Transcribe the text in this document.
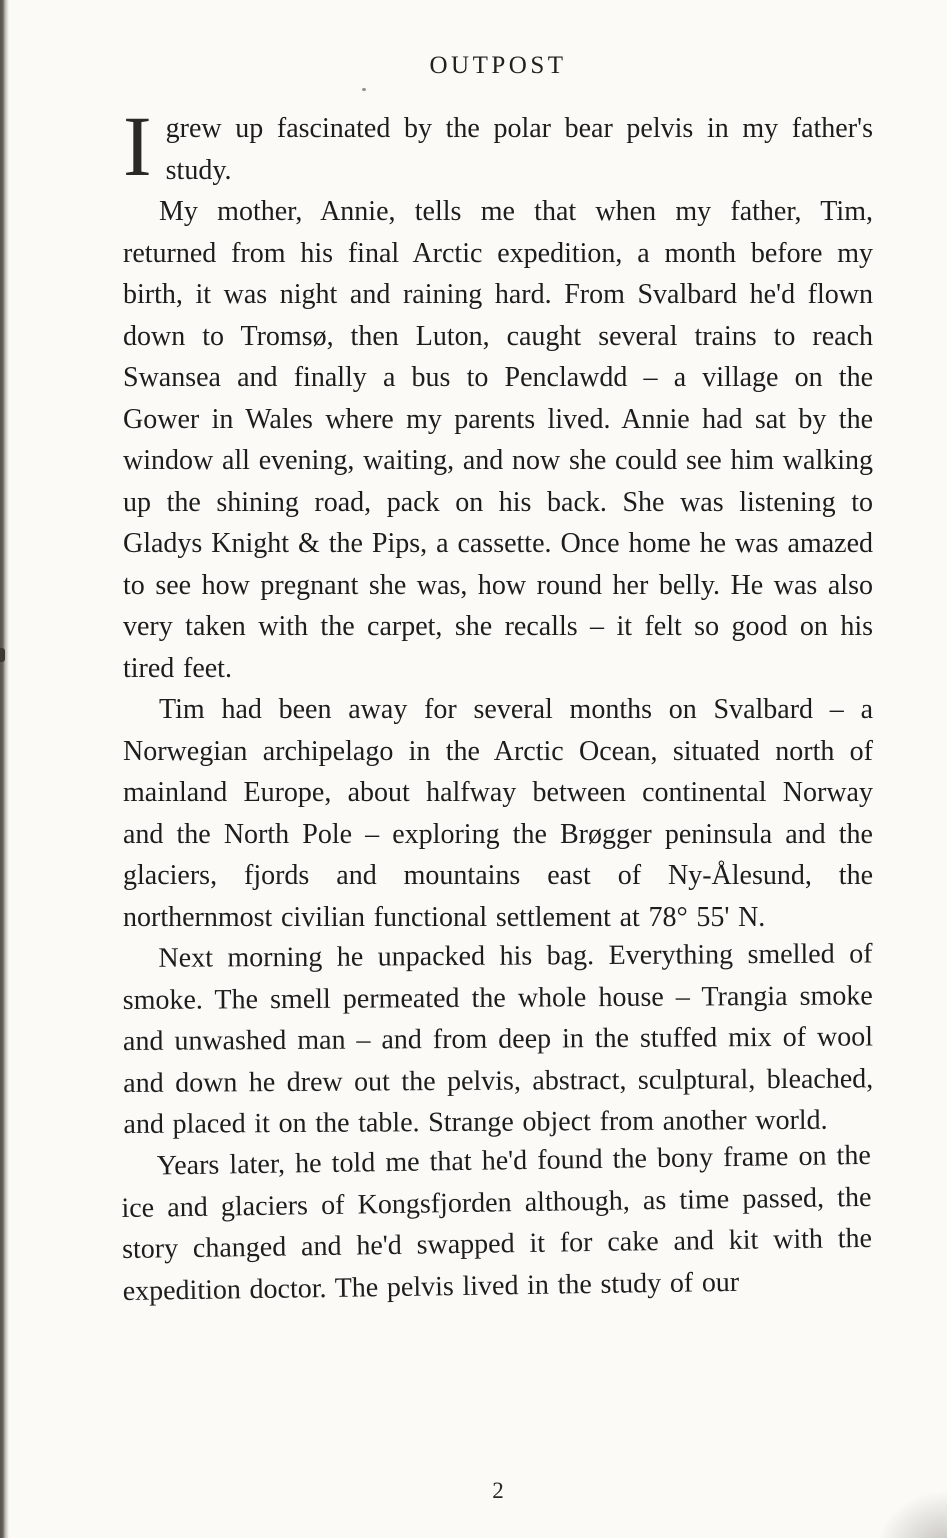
OUTPOST

Igrew up fascinated by the polar bear pelvis in my father's study.

My mother, Annie, tells me that when my father, Tim, returned from his final Arctic expedition, a month before my birth, it was night and raining hard. From Svalbard he'd flown down to Tromsø, then Luton, caught several trains to reach Swansea and finally a bus to Penclawdd – a village on the Gower in Wales where my parents lived. Annie had sat by the window all evening, waiting, and now she could see him walking up the shining road, pack on his back. She was listening to Gladys Knight & the Pips, a cassette. Once home he was amazed to see how pregnant she was, how round her belly. He was also very taken with the carpet, she recalls – it felt so good on his tired feet.

Tim had been away for several months on Svalbard – a Norwegian archipelago in the Arctic Ocean, situated north of mainland Europe, about halfway between continental Norway and the North Pole – exploring the Brøgger peninsula and the glaciers, fjords and mountains east of Ny-Ålesund, the northernmost civilian functional settlement at 78° 55' N.

Next morning he unpacked his bag. Everything smelled of smoke. The smell permeated the whole house – Trangia smoke and unwashed man – and from deep in the stuffed mix of wool and down he drew out the pelvis, abstract, sculptural, bleached, and placed it on the table. Strange object from another world.

Years later, he told me that he'd found the bony frame on the ice and glaciers of Kongsfjorden although, as time passed, the story changed and he'd swapped it for cake and kit with the expedition doctor. The pelvis lived in the study of our

2
